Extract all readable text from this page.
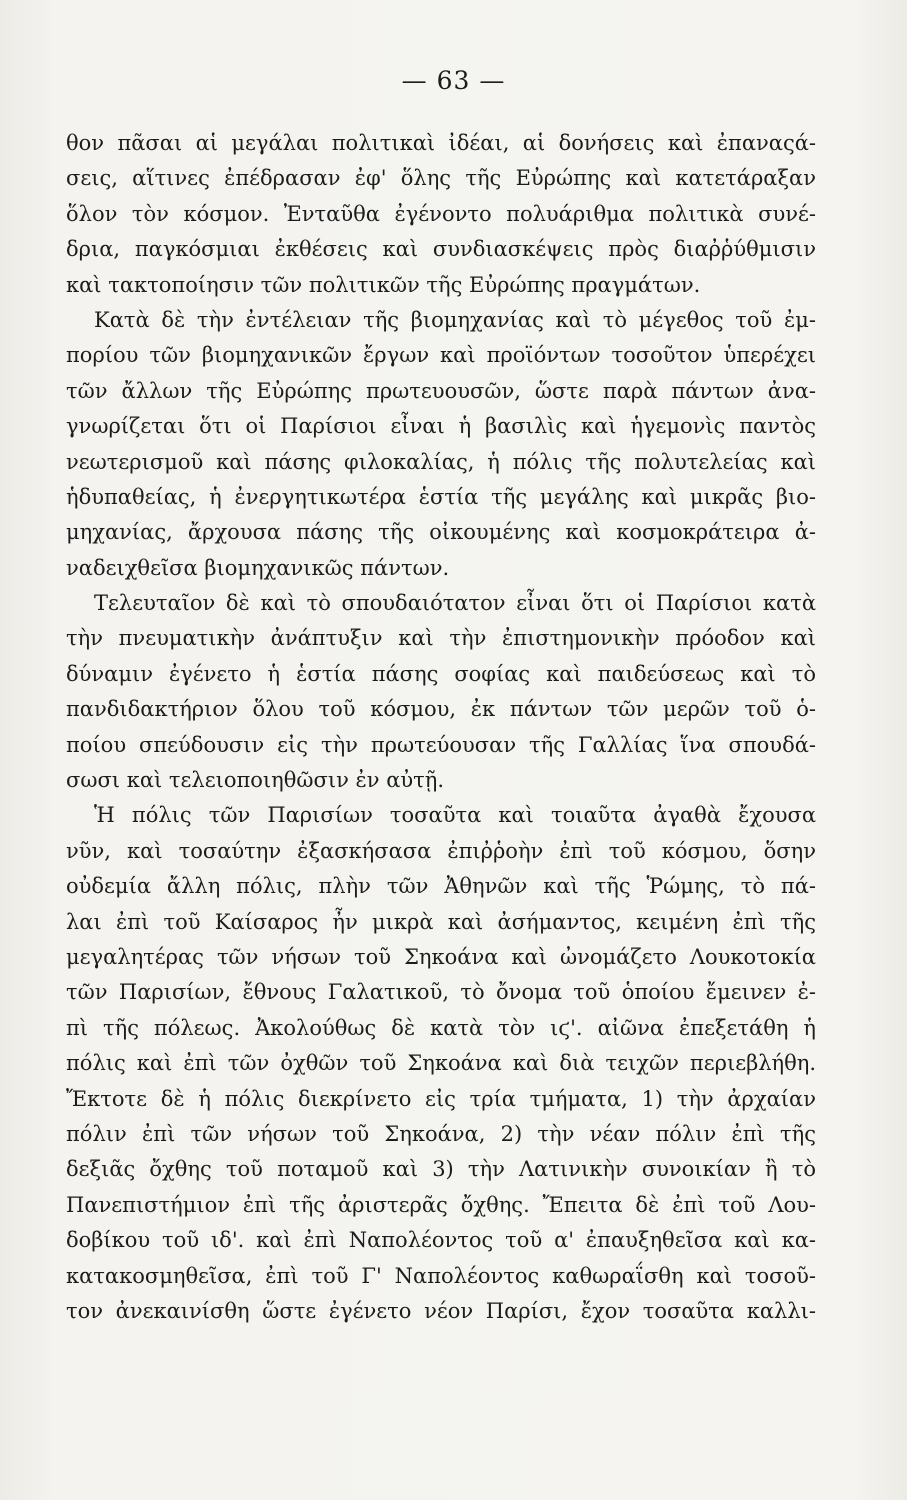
— 63 —
θον πᾶσαι αἱ μεγάλαι πολιτικαὶ ἰδέαι, αἱ δονήσεις καὶ ἐπαναςά-
σεις, αἵτινες ἐπέδρασαν ἐφ' ὅλης τῆς Εὐρώπης καὶ κατετάραξαν
ὅλον τὸν κόσμον. Ἐνταῦθα ἐγένοντο πολυάριθμα πολιτικὰ συνέ-
δρια, παγκόσμιαι ἐκθέσεις καὶ συνδιασκέψεις πρὸς διαῤῥύθμισιν
καὶ τακτοποίησιν τῶν πολιτικῶν τῆς Εὐρώπης πραγμάτων.
Κατὰ δὲ τὴν ἐντέλειαν τῆς βιομηχανίας καὶ τὸ μέγεθος τοῦ ἐμ-
πορίου τῶν βιομηχανικῶν ἔργων καὶ προϊόντων τοσοῦτον ὑπερέχει
τῶν ἄλλων τῆς Εὐρώπης πρωτευουσῶν, ὥστε παρὰ πάντων ἀνα-
γνωρίζεται ὅτι οἱ Παρίσιοι εἶναι ἡ βασιλὶς καὶ ἡγεμονὶς παντὸς
νεωτερισμοῦ καὶ πάσης φιλοκαλίας, ἡ πόλις τῆς πολυτελείας καὶ
ἡδυπαθείας, ἡ ἐνεργητικωτέρα ἑστία τῆς μεγάλης καὶ μικρᾶς βιο-
μηχανίας, ἄρχουσα πάσης τῆς οἰκουμένης καὶ κοσμοκράτειρα ἀ-
ναδειχθεῖσα βιομηχανικῶς πάντων.
Τελευταῖον δὲ καὶ τὸ σπουδαιότατον εἶναι ὅτι οἱ Παρίσιοι κατὰ
τὴν πνευματικὴν ἀνάπτυξιν καὶ τὴν ἐπιστημονικὴν πρόοδον καὶ
δύναμιν ἐγένετο ἡ ἑστία πάσης σοφίας καὶ παιδεύσεως καὶ τὸ
πανδιδακτήριον ὅλου τοῦ κόσμου, ἐκ πάντων τῶν μερῶν τοῦ ὁ-
ποίου σπεύδουσιν εἰς τὴν πρωτεύουσαν τῆς Γαλλίας ἵνα σπουδά-
σωσι καὶ τελειοποιηθῶσιν ἐν αὐτῇ.
Ἡ πόλις τῶν Παρισίων τοσαῦτα καὶ τοιαῦτα ἀγαθὰ ἔχουσα
νῦν, καὶ τοσαύτην ἐξασκήσασα ἐπιῤῥοὴν ἐπὶ τοῦ κόσμου, ὅσην
οὐδεμία ἄλλη πόλις, πλὴν τῶν Ἀθηνῶν καὶ τῆς Ῥώμης, τὸ πά-
λαι ἐπὶ τοῦ Καίσαρος ἦν μικρὰ καὶ ἀσήμαντος, κειμένη ἐπὶ τῆς
μεγαλητέρας τῶν νήσων τοῦ Σηκοάνα καὶ ὠνομάζετο Λουκοτοκία
τῶν Παρισίων, ἔθνους Γαλατικοῦ, τὸ ὄνομα τοῦ ὁποίου ἔμεινεν ἐ-
πὶ τῆς πόλεως. Ἀκολούθως δὲ κατὰ τὸν ιϛ'. αἰῶνα ἐπεξετάθη ἡ
πόλις καὶ ἐπὶ τῶν ὀχθῶν τοῦ Σηκοάνα καὶ διὰ τειχῶν περιεβλήθη.
Ἔκτοτε δὲ ἡ πόλις διεκρίνετο εἰς τρία τμήματα, 1) τὴν ἀρχαίαν
πόλιν ἐπὶ τῶν νήσων τοῦ Σηκοάνα, 2) τὴν νέαν πόλιν ἐπὶ τῆς
δεξιᾶς ὄχθης τοῦ ποταμοῦ καὶ 3) τὴν Λατινικὴν συνοικίαν ἢ τὸ
Πανεπιστήμιον ἐπὶ τῆς ἀριστερᾶς ὄχθης. Ἔπειτα δὲ ἐπὶ τοῦ Λου-
δοβίκου τοῦ ιδ'. καὶ ἐπὶ Ναπολέοντος τοῦ α' ἐπαυξηθεῖσα καὶ κα-
κατακοσμηθεῖσα, ἐπὶ τοῦ Γ' Ναπολέοντος καθωραΐσθη καὶ τοσοῦ-
τον ἀνεκαινίσθη ὥστε ἐγένετο νέον Παρίσι, ἔχον τοσαῦτα καλλι-
